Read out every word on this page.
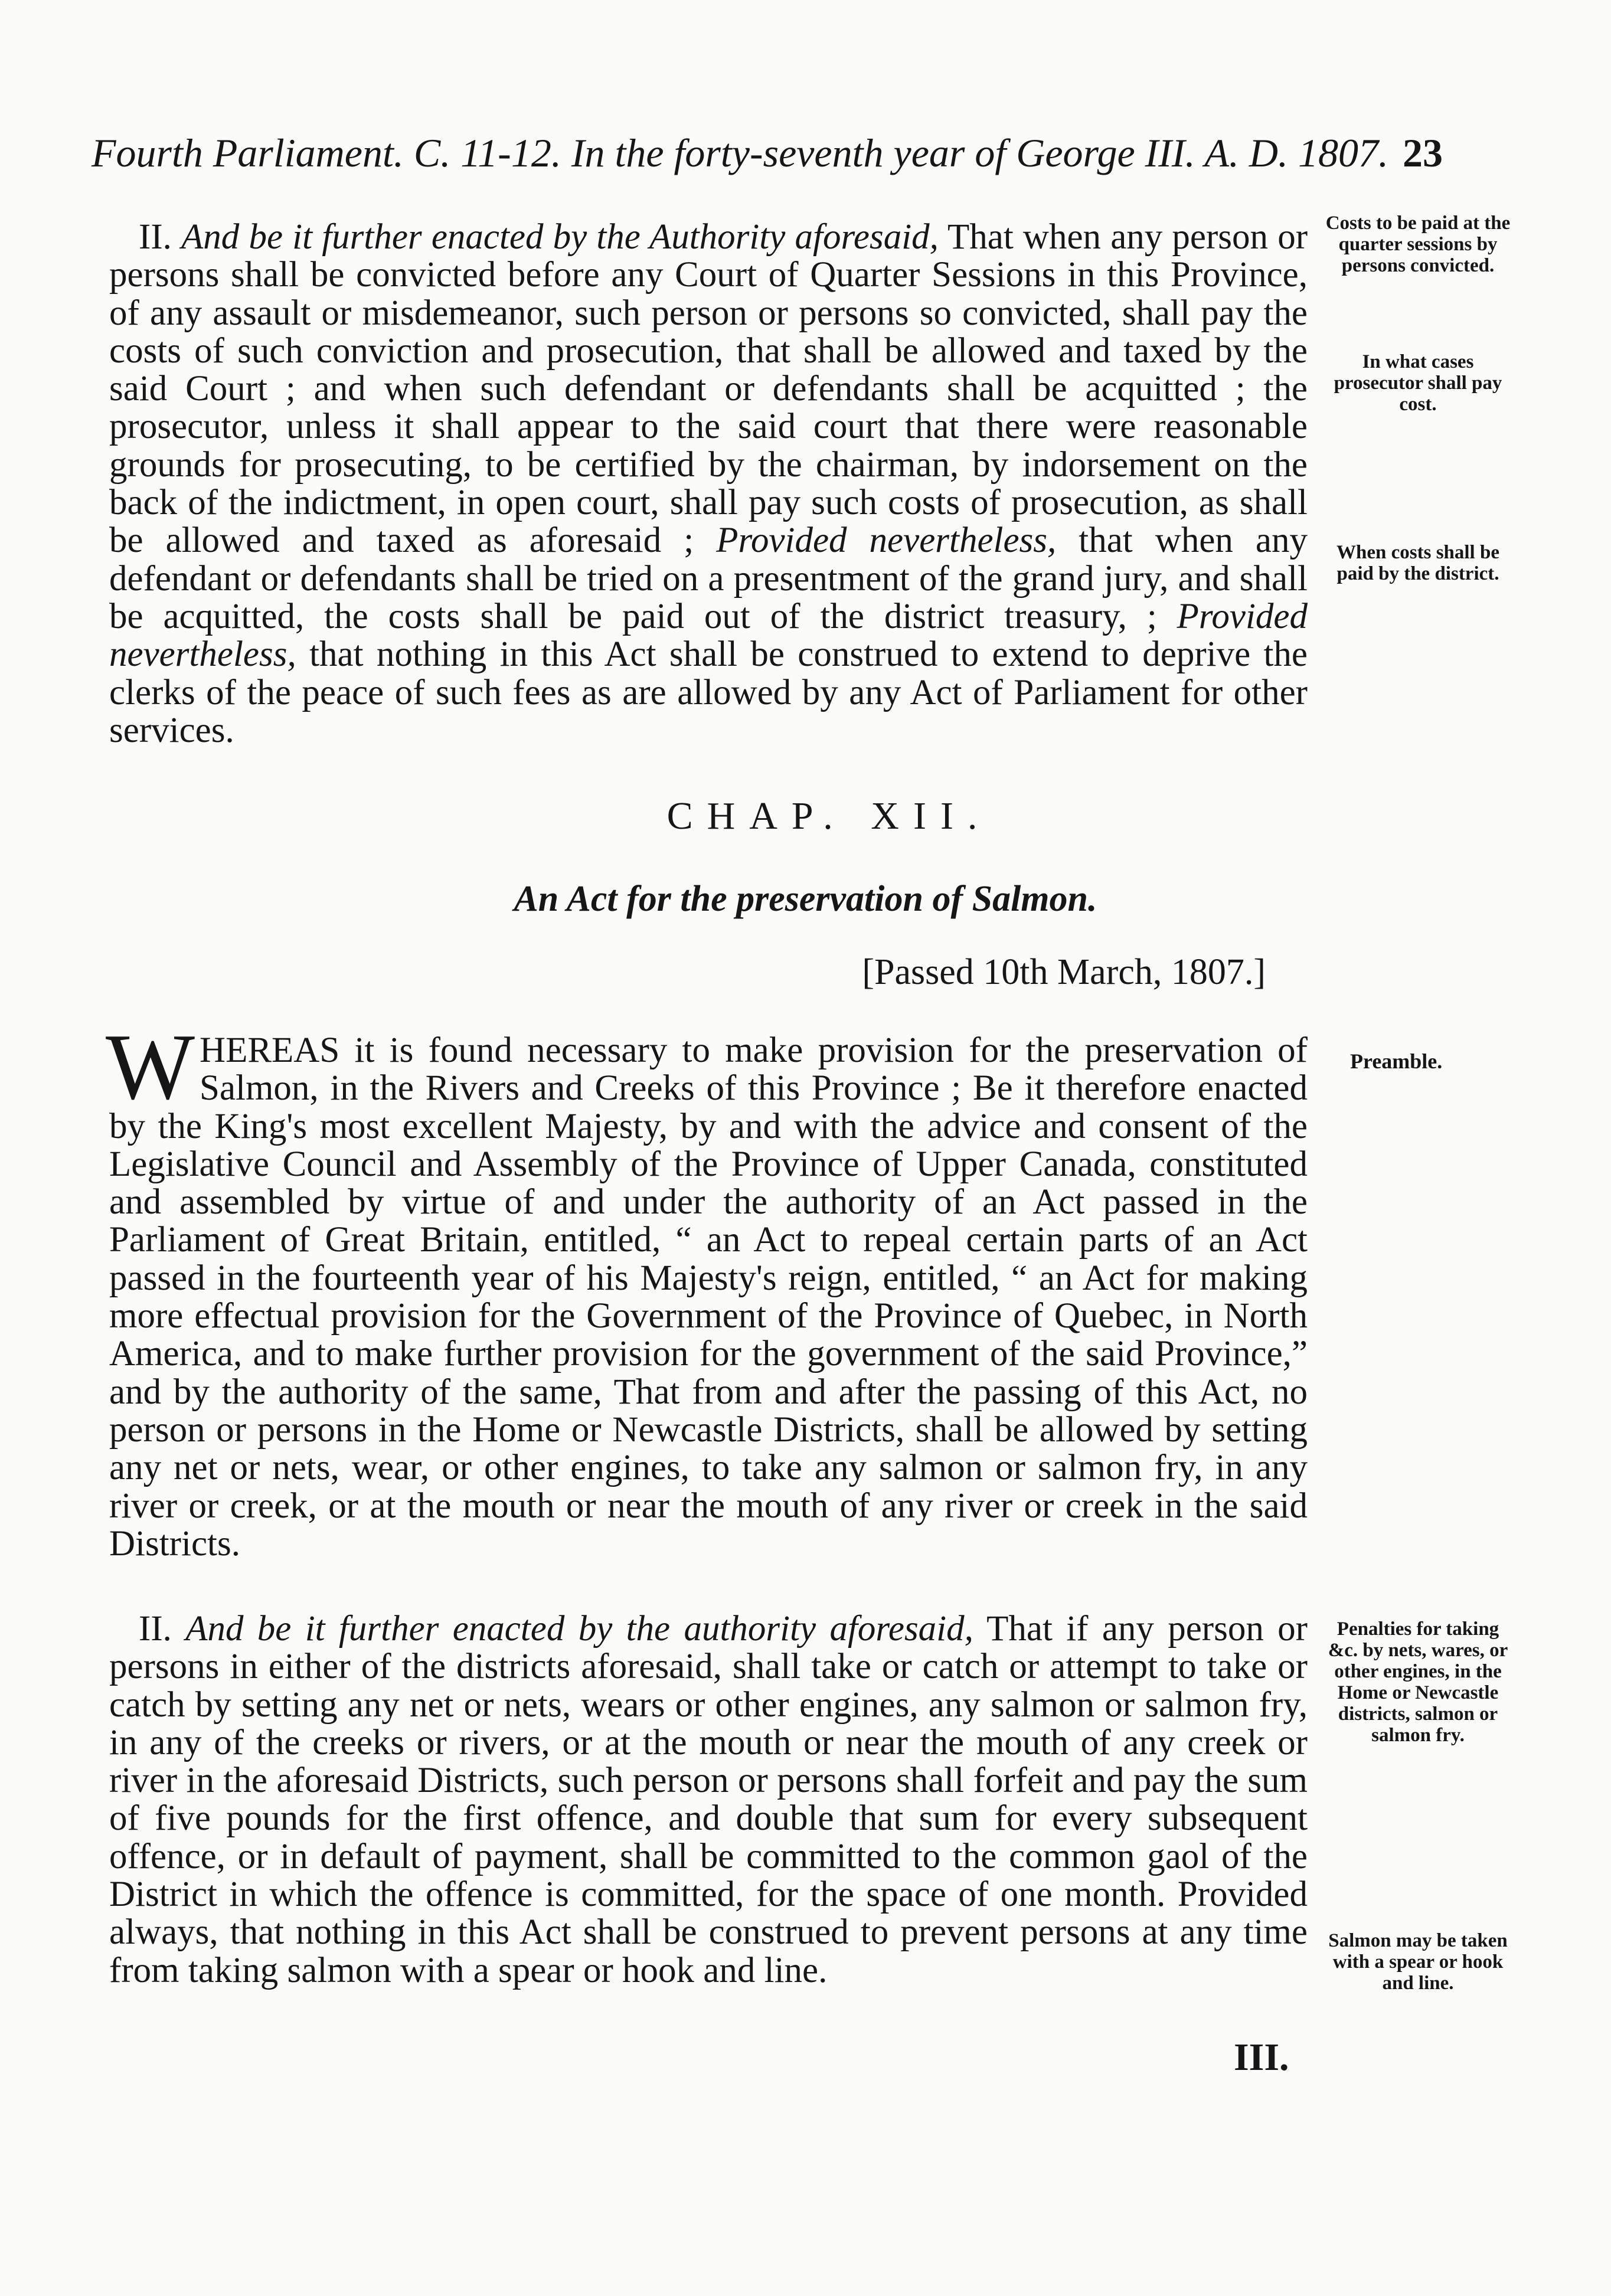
Fourth Parliament. C. 11-12. In the forty-seventh year of George III. A. D. 1807. 23
II. And be it further enacted by the Authority aforesaid, That when any person or persons shall be convicted before any Court of Quarter Sessions in this Province, of any assault or misdemeanor, such person or persons so convicted, shall pay the costs of such conviction and prosecution, that shall be allowed and taxed by the said Court ; and when such defendant or defendants shall be acquitted ; the prosecutor, unless it shall appear to the said court that there were reasonable grounds for prosecuting, to be certified by the chairman, by indorsement on the back of the indictment, in open court, shall pay such costs of prosecution, as shall be allowed and taxed as aforesaid ; Provided nevertheless, that when any defendant or defendants shall be tried on a presentment of the grand jury, and shall be acquitted, the costs shall be paid out of the district treasury, ; Provided nevertheless, that nothing in this Act shall be construed to extend to deprive the clerks of the peace of such fees as are allowed by any Act of Parliament for other services.
Costs to be paid at the quarter sessions by persons convicted.
In what cases prosecutor shall pay cost.
When costs shall be paid by the district.
CHAP. XII.
An Act for the preservation of Salmon.
[Passed 10th March, 1807.]
WHEREAS it is found necessary to make provision for the preservation of Salmon, in the Rivers and Creeks of this Province ; Be it therefore enacted by the King's most excellent Majesty, by and with the advice and consent of the Legislative Council and Assembly of the Province of Upper Canada, constituted and assembled by virtue of and under the authority of an Act passed in the Parliament of Great Britain, entitled, “ an Act to repeal certain parts of an Act passed in the fourteenth year of his Majesty's reign, entitled, “ an Act for making more effectual provision for the Government of the Province of Quebec, in North America, and to make further provision for the government of the said Province,” and by the authority of the same, That from and after the passing of this Act, no person or persons in the Home or Newcastle Districts, shall be allowed by setting any net or nets, wear, or other engines, to take any salmon or salmon fry, in any river or creek, or at the mouth or near the mouth of any river or creek in the said Districts.
Preamble.
II. And be it further enacted by the authority aforesaid, That if any person or persons in either of the districts aforesaid, shall take or catch or attempt to take or catch by setting any net or nets, wears or other engines, any salmon or salmon fry, in any of the creeks or rivers, or at the mouth or near the mouth of any creek or river in the aforesaid Districts, such person or persons shall forfeit and pay the sum of five pounds for the first offence, and double that sum for every subsequent offence, or in default of payment, shall be committed to the common gaol of the District in which the offence is committed, for the space of one month. Provided always, that nothing in this Act shall be construed to prevent persons at any time from taking salmon with a spear or hook and line.
Penalties for taking &c. by nets, wares, or other engines, in the Home or Newcastle districts, salmon or salmon fry.
Salmon may be taken with a spear or hook and line.
III.
